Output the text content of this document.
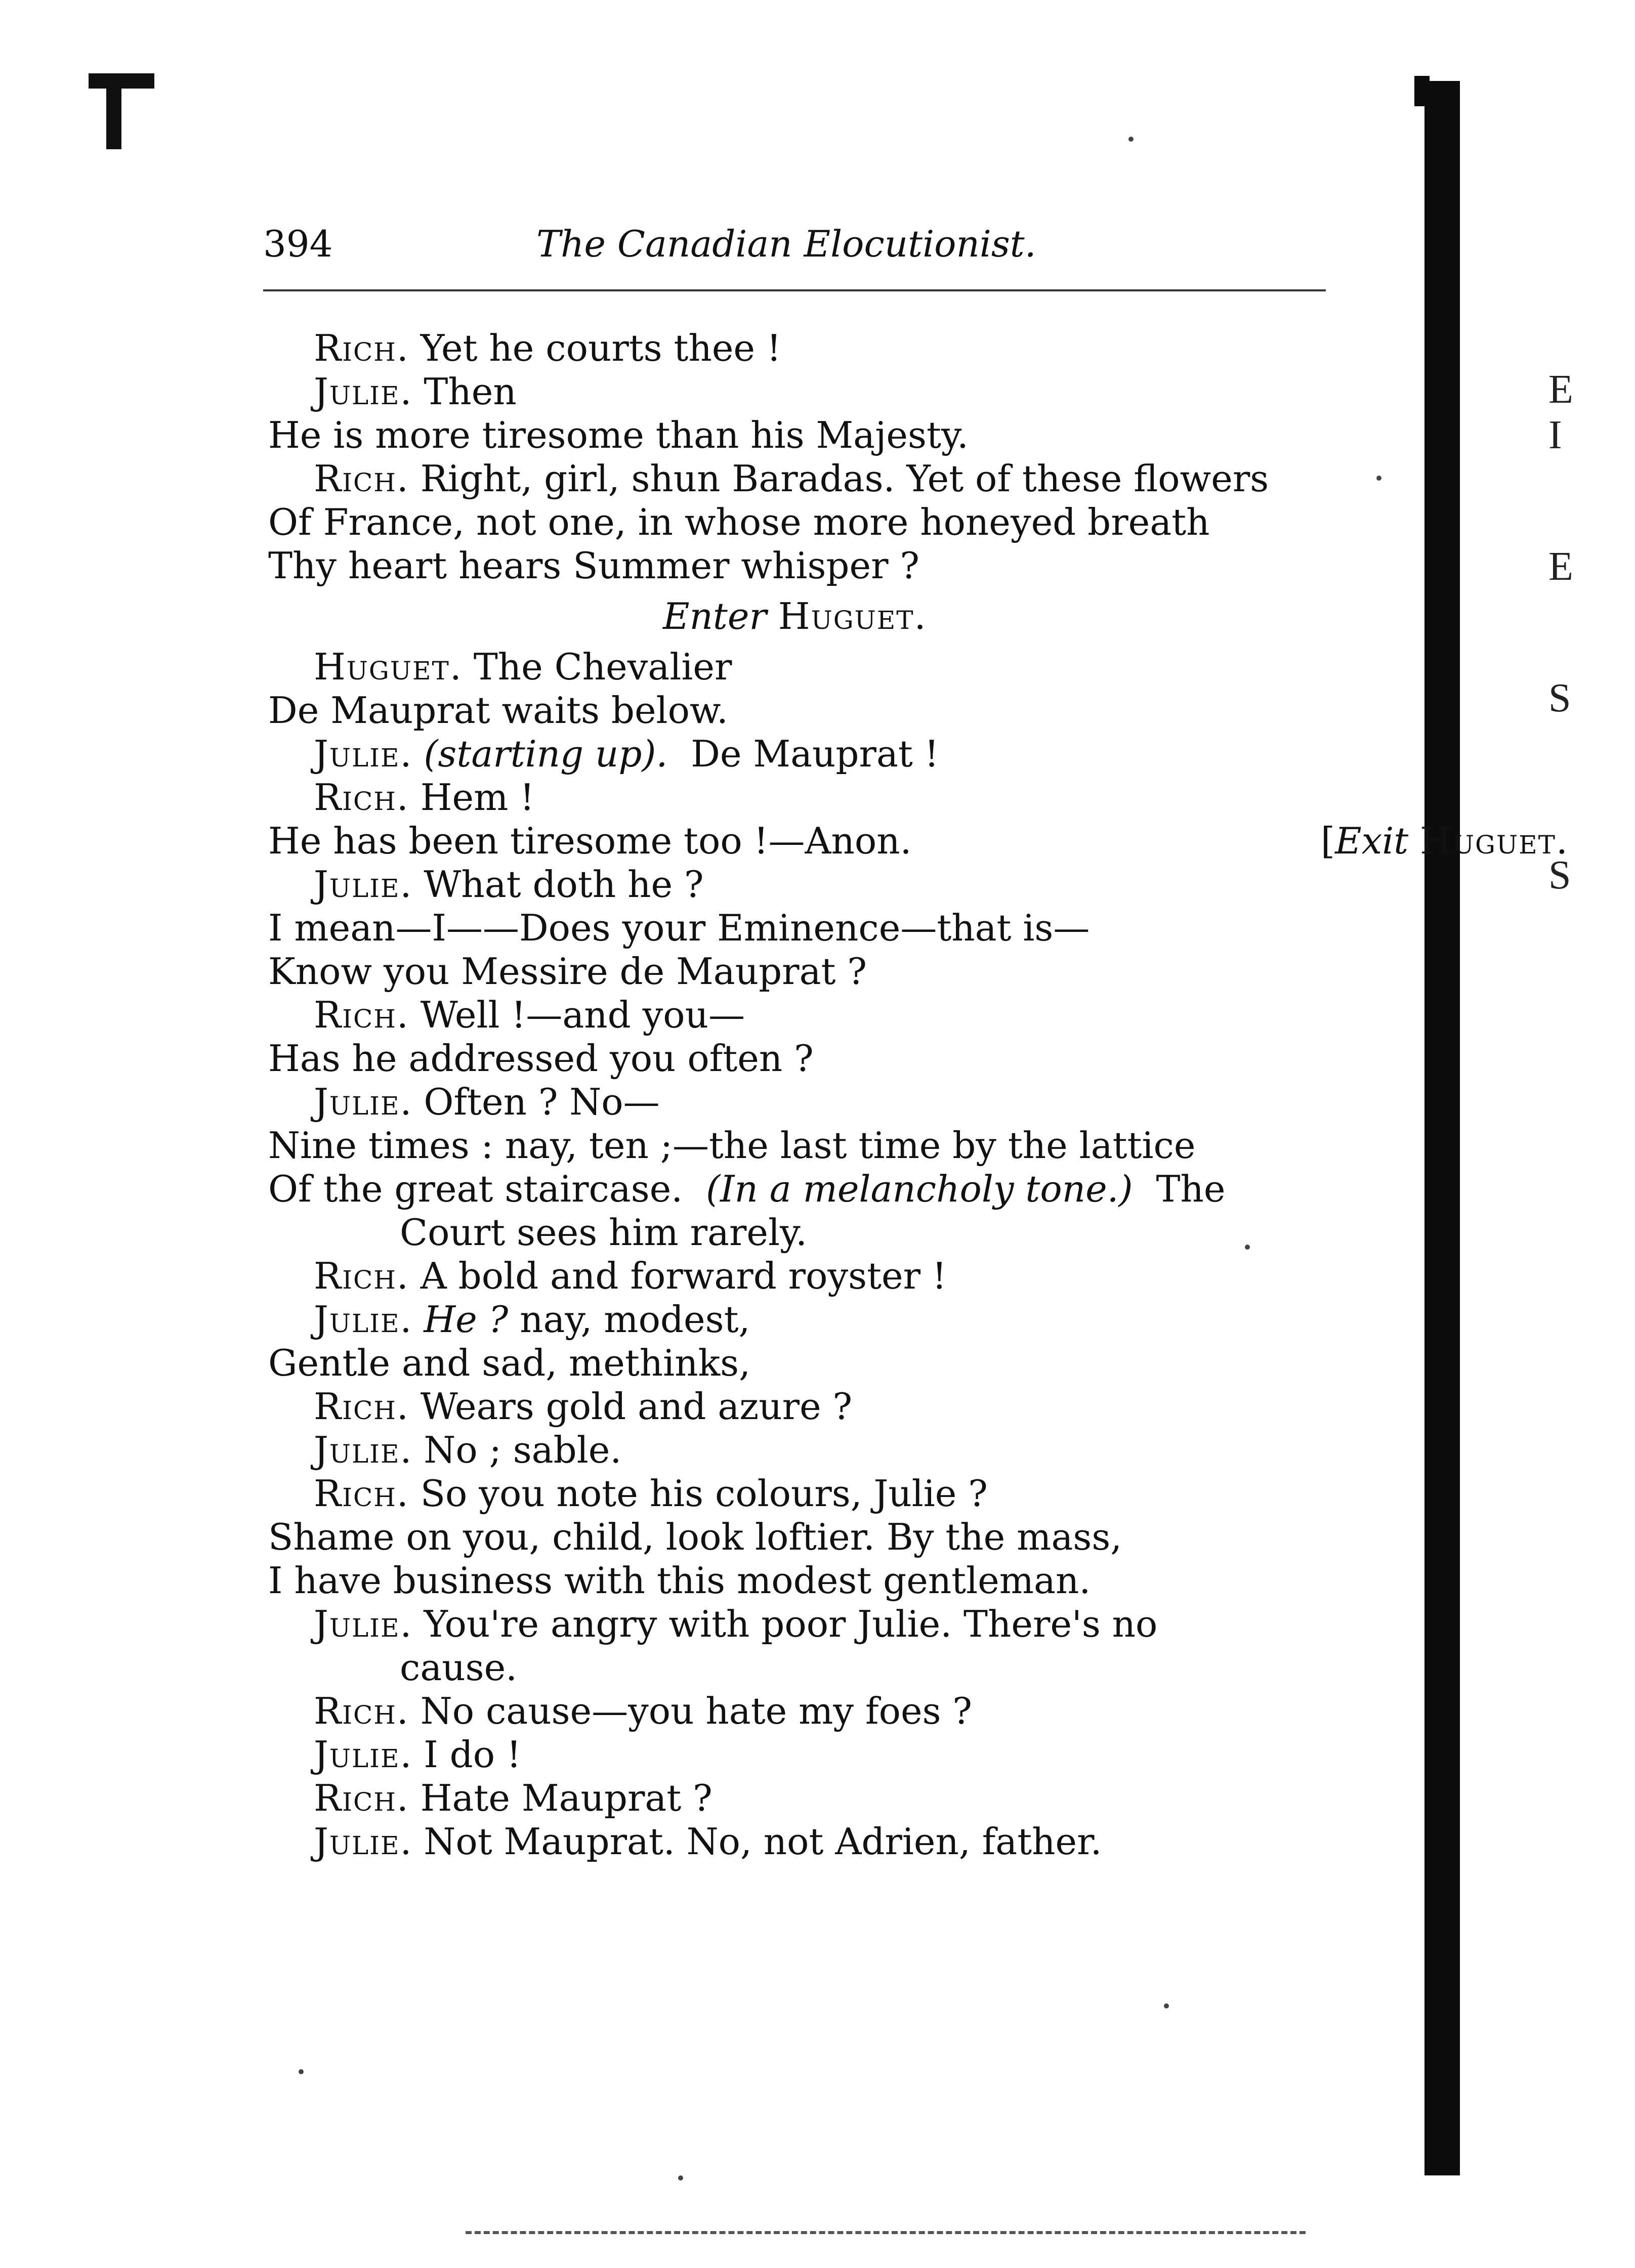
E
I
E
S
S
394	The Canadian Elocutionist.
Rich. Yet he courts thee !
Julie. Then
He is more tiresome than his Majesty.
Rich. Right, girl, shun Baradas. Yet of these flowers
Of France, not one, in whose more honeyed breath
Thy heart hears Summer whisper ?
Enter Huguet.
Huguet. The Chevalier
De Mauprat waits below.
Julie. (starting up). De Mauprat !
Rich. Hem !
He has been tiresome too !—Anon.	[Exit Huguet.
Julie. What doth he ?
I mean—I——Does your Eminence—that is—
Know you Messire de Mauprat ?
Rich. Well !—and you—
Has he addressed you often ?
Julie. Often ? No—
Nine times : nay, ten ;—the last time by the lattice
Of the great staircase. (In a melancholy tone.) The
Court sees him rarely.
Rich. A bold and forward royster !
Julie. He ? nay, modest,
Gentle and sad, methinks,
Rich. Wears gold and azure ?
Julie. No ; sable.
Rich. So you note his colours, Julie ?
Shame on you, child, look loftier. By the mass,
I have business with this modest gentleman.
Julie. You're angry with poor Julie. There's no
cause.
Rich. No cause—you hate my foes ?
Julie. I do !
Rich. Hate Mauprat ?
Julie. Not Mauprat. No, not Adrien, father.
